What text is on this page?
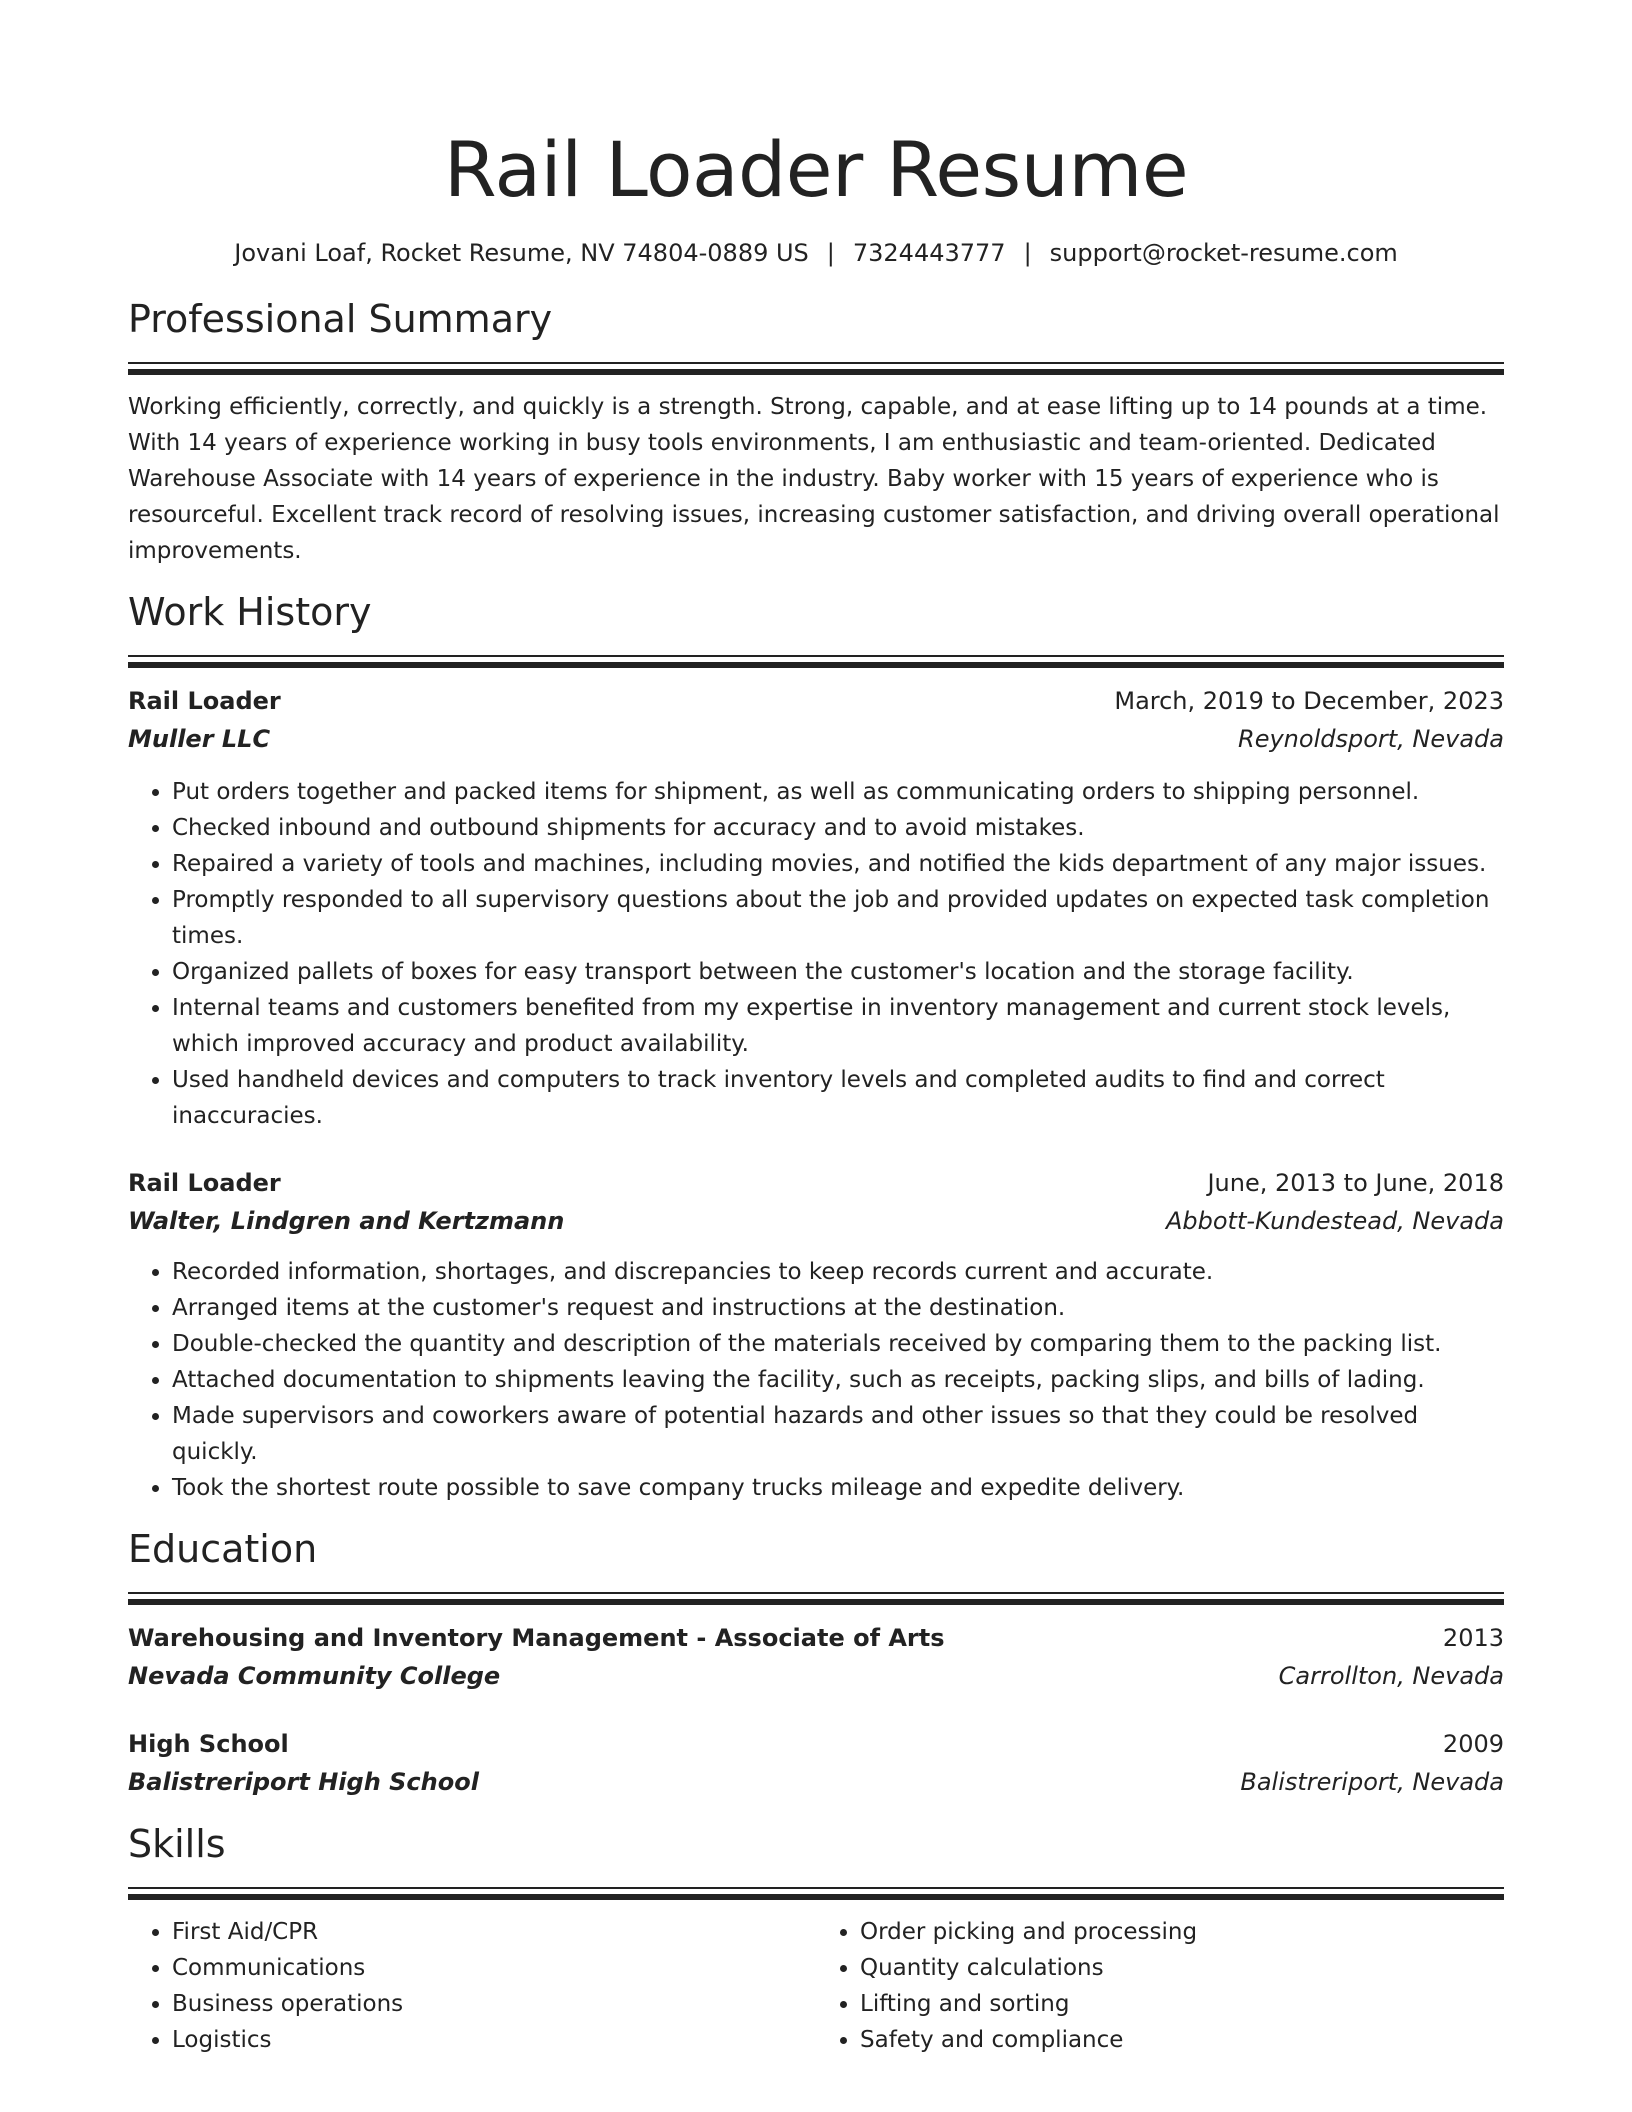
Rail Loader Resume
Jovani Loaf, Rocket Resume, NV 74804-0889 US | 7324443777 | support@rocket-resume.com
Professional Summary
Working efficiently, correctly, and quickly is a strength. Strong, capable, and at ease lifting up to 14 pounds at a time. With 14 years of experience working in busy tools environments, I am enthusiastic and team-oriented. Dedicated Warehouse Associate with 14 years of experience in the industry. Baby worker with 15 years of experience who is resourceful. Excellent track record of resolving issues, increasing customer satisfaction, and driving overall operational improvements.
Work History
Rail Loader	March, 2019 to December, 2023
Muller LLC	Reynoldsport, Nevada
• Put orders together and packed items for shipment, as well as communicating orders to shipping personnel.
• Checked inbound and outbound shipments for accuracy and to avoid mistakes.
• Repaired a variety of tools and machines, including movies, and notified the kids department of any major issues.
• Promptly responded to all supervisory questions about the job and provided updates on expected task completion times.
• Organized pallets of boxes for easy transport between the customer's location and the storage facility.
• Internal teams and customers benefited from my expertise in inventory management and current stock levels, which improved accuracy and product availability.
• Used handheld devices and computers to track inventory levels and completed audits to find and correct inaccuracies.
Rail Loader	June, 2013 to June, 2018
Walter, Lindgren and Kertzmann	Abbott-Kundestead, Nevada
• Recorded information, shortages, and discrepancies to keep records current and accurate.
• Arranged items at the customer's request and instructions at the destination.
• Double-checked the quantity and description of the materials received by comparing them to the packing list.
• Attached documentation to shipments leaving the facility, such as receipts, packing slips, and bills of lading.
• Made supervisors and coworkers aware of potential hazards and other issues so that they could be resolved quickly.
• Took the shortest route possible to save company trucks mileage and expedite delivery.
Education
Warehousing and Inventory Management - Associate of Arts	2013
Nevada Community College	Carrollton, Nevada
High School	2009
Balistreriport High School	Balistreriport, Nevada
Skills
• First Aid/CPR
• Communications
• Business operations
• Logistics
• Order picking and processing
• Quantity calculations
• Lifting and sorting
• Safety and compliance
